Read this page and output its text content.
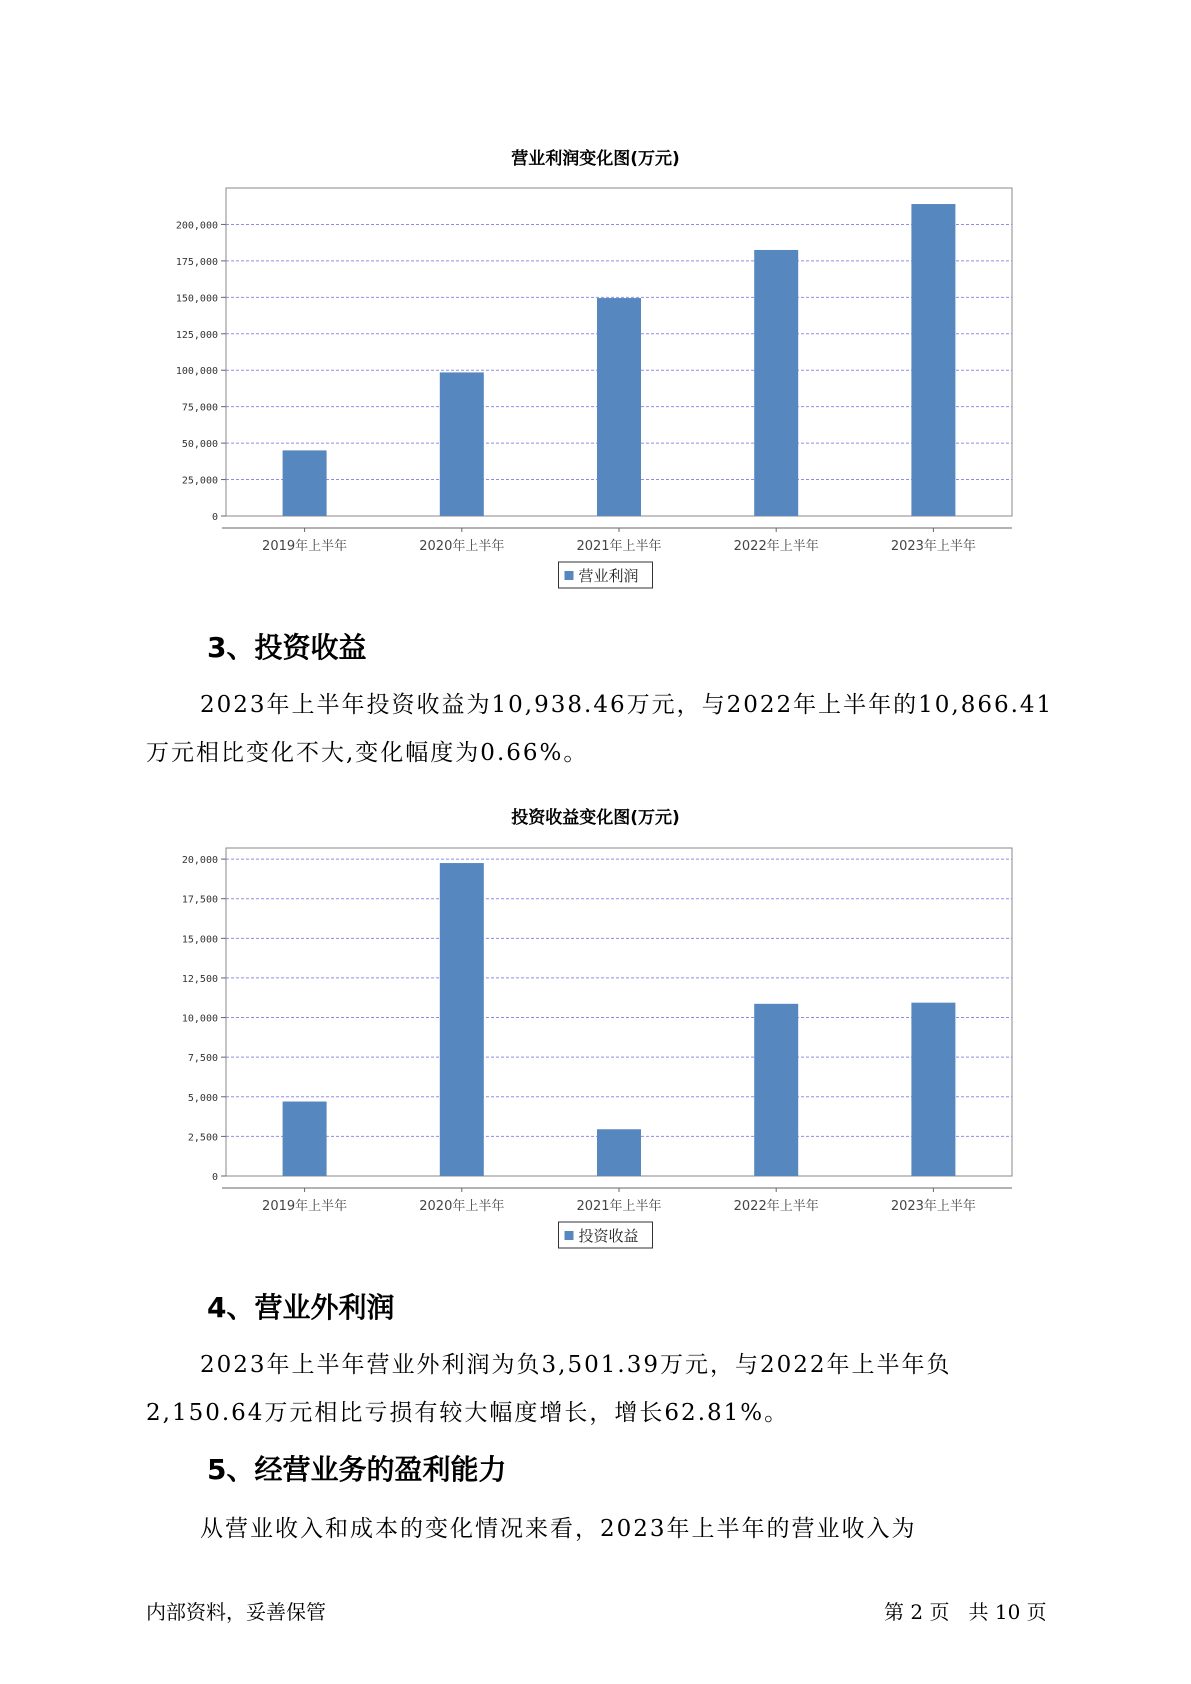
营业利润变化图(万元)
0
25,000
50,000
75,000
100,000
125,000
150,000
175,000
200,000
2019年上半年	2020年上半年	2021年上半年	2022年上半年	2023年上半年
营业利润
3、投资收益
2023年上半年投资收益为10,938.46万元，与2022年上半年的10,866.41
万元相比变化不大,变化幅度为0.66%。
投资收益变化图(万元)
0
2,500
5,000
7,500
10,000
12,500
15,000
17,500
20,000
2019年上半年	2020年上半年	2021年上半年	2022年上半年	2023年上半年
投资收益
4、营业外利润
2023年上半年营业外利润为负3,501.39万元，与2022年上半年负
2,150.64万元相比亏损有较大幅度增长，增长62.81%。
5、经营业务的盈利能力
从营业收入和成本的变化情况来看，2023年上半年的营业收入为
内部资料，妥善保管	第 2 页   共 10 页
